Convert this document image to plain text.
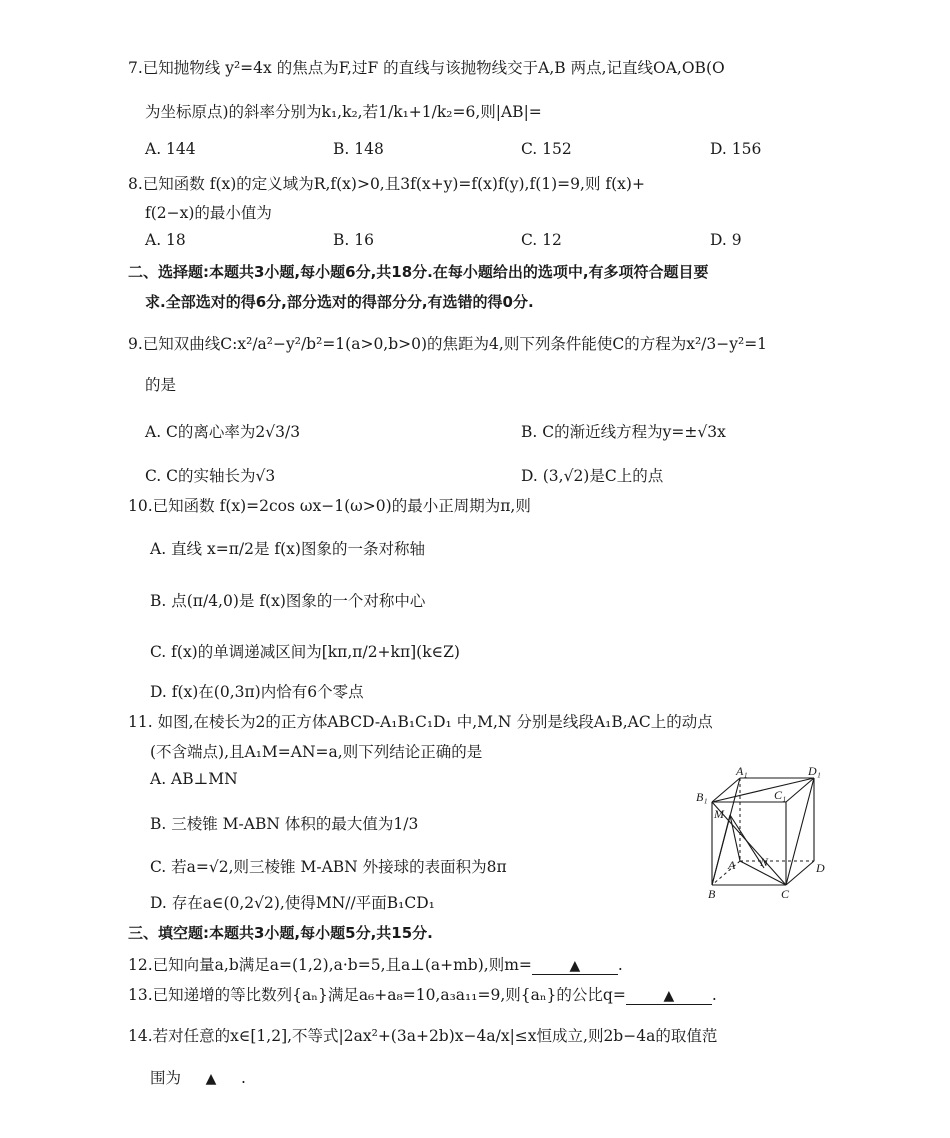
7.已知抛物线 y²=4x 的焦点为F,过F 的直线与该抛物线交于A,B 两点,记直线OA,OB(O
为坐标原点)的斜率分别为k₁,k₂,若1/k₁+1/k₂=6,则|AB|=
A. 144	B. 148	C. 152	D. 156
8.已知函数 f(x)的定义域为R,f(x)>0,且3f(x+y)=f(x)f(y),f(1)=9,则 f(x)+
f(2−x)的最小值为
A. 18	B. 16	C. 12	D. 9
二、选择题:本题共3小题,每小题6分,共18分.在每小题给出的选项中,有多项符合题目要
求.全部选对的得6分,部分选对的得部分分,有选错的得0分.
9.已知双曲线C:x²/a²−y²/b²=1(a>0,b>0)的焦距为4,则下列条件能使C的方程为x²/3−y²=1
的是
A. C的离心率为2√3/3	B. C的渐近线方程为y=±√3x
C. C的实轴长为√3	D. (3,√2)是C上的点
10.已知函数 f(x)=2cos ωx−1(ω>0)的最小正周期为π,则
A. 直线 x=π/2是 f(x)图象的一条对称轴
B. 点(π/4,0)是 f(x)图象的一个对称中心
C. f(x)的单调递减区间为[kπ,π/2+kπ](k∈Z)
D. f(x)在(0,3π)内恰有6个零点
11. 如图,在棱长为2的正方体ABCD-A₁B₁C₁D₁ 中,M,N 分别是线段A₁B,AC上的动点
(不含端点),且A₁M=AN=a,则下列结论正确的是
A. AB⊥MN
B. 三棱锥 M-ABN 体积的最大值为1/3
C. 若a=√2,则三棱锥 M-ABN 外接球的表面积为8π
D. 存在a∈(0,2√2),使得MN//平面B₁CD₁
A₁	D₁
B₁	C₁
M
A N	D
B	C
三、填空题:本题共3小题,每小题5分,共15分.
12.已知向量a,b满足a=(1,2),a·b=5,且a⊥(a+mb),则m=	▲ .
13.已知递增的等比数列{aₙ}满足a₆+a₈=10,a₃a₁₁=9,则{aₙ}的公比q=	▲ .
14.若对任意的x∈[1,2],不等式|2ax²+(3a+2b)x−4a/x|≤x恒成立,则2b−4a的取值范
围为 ▲ .
